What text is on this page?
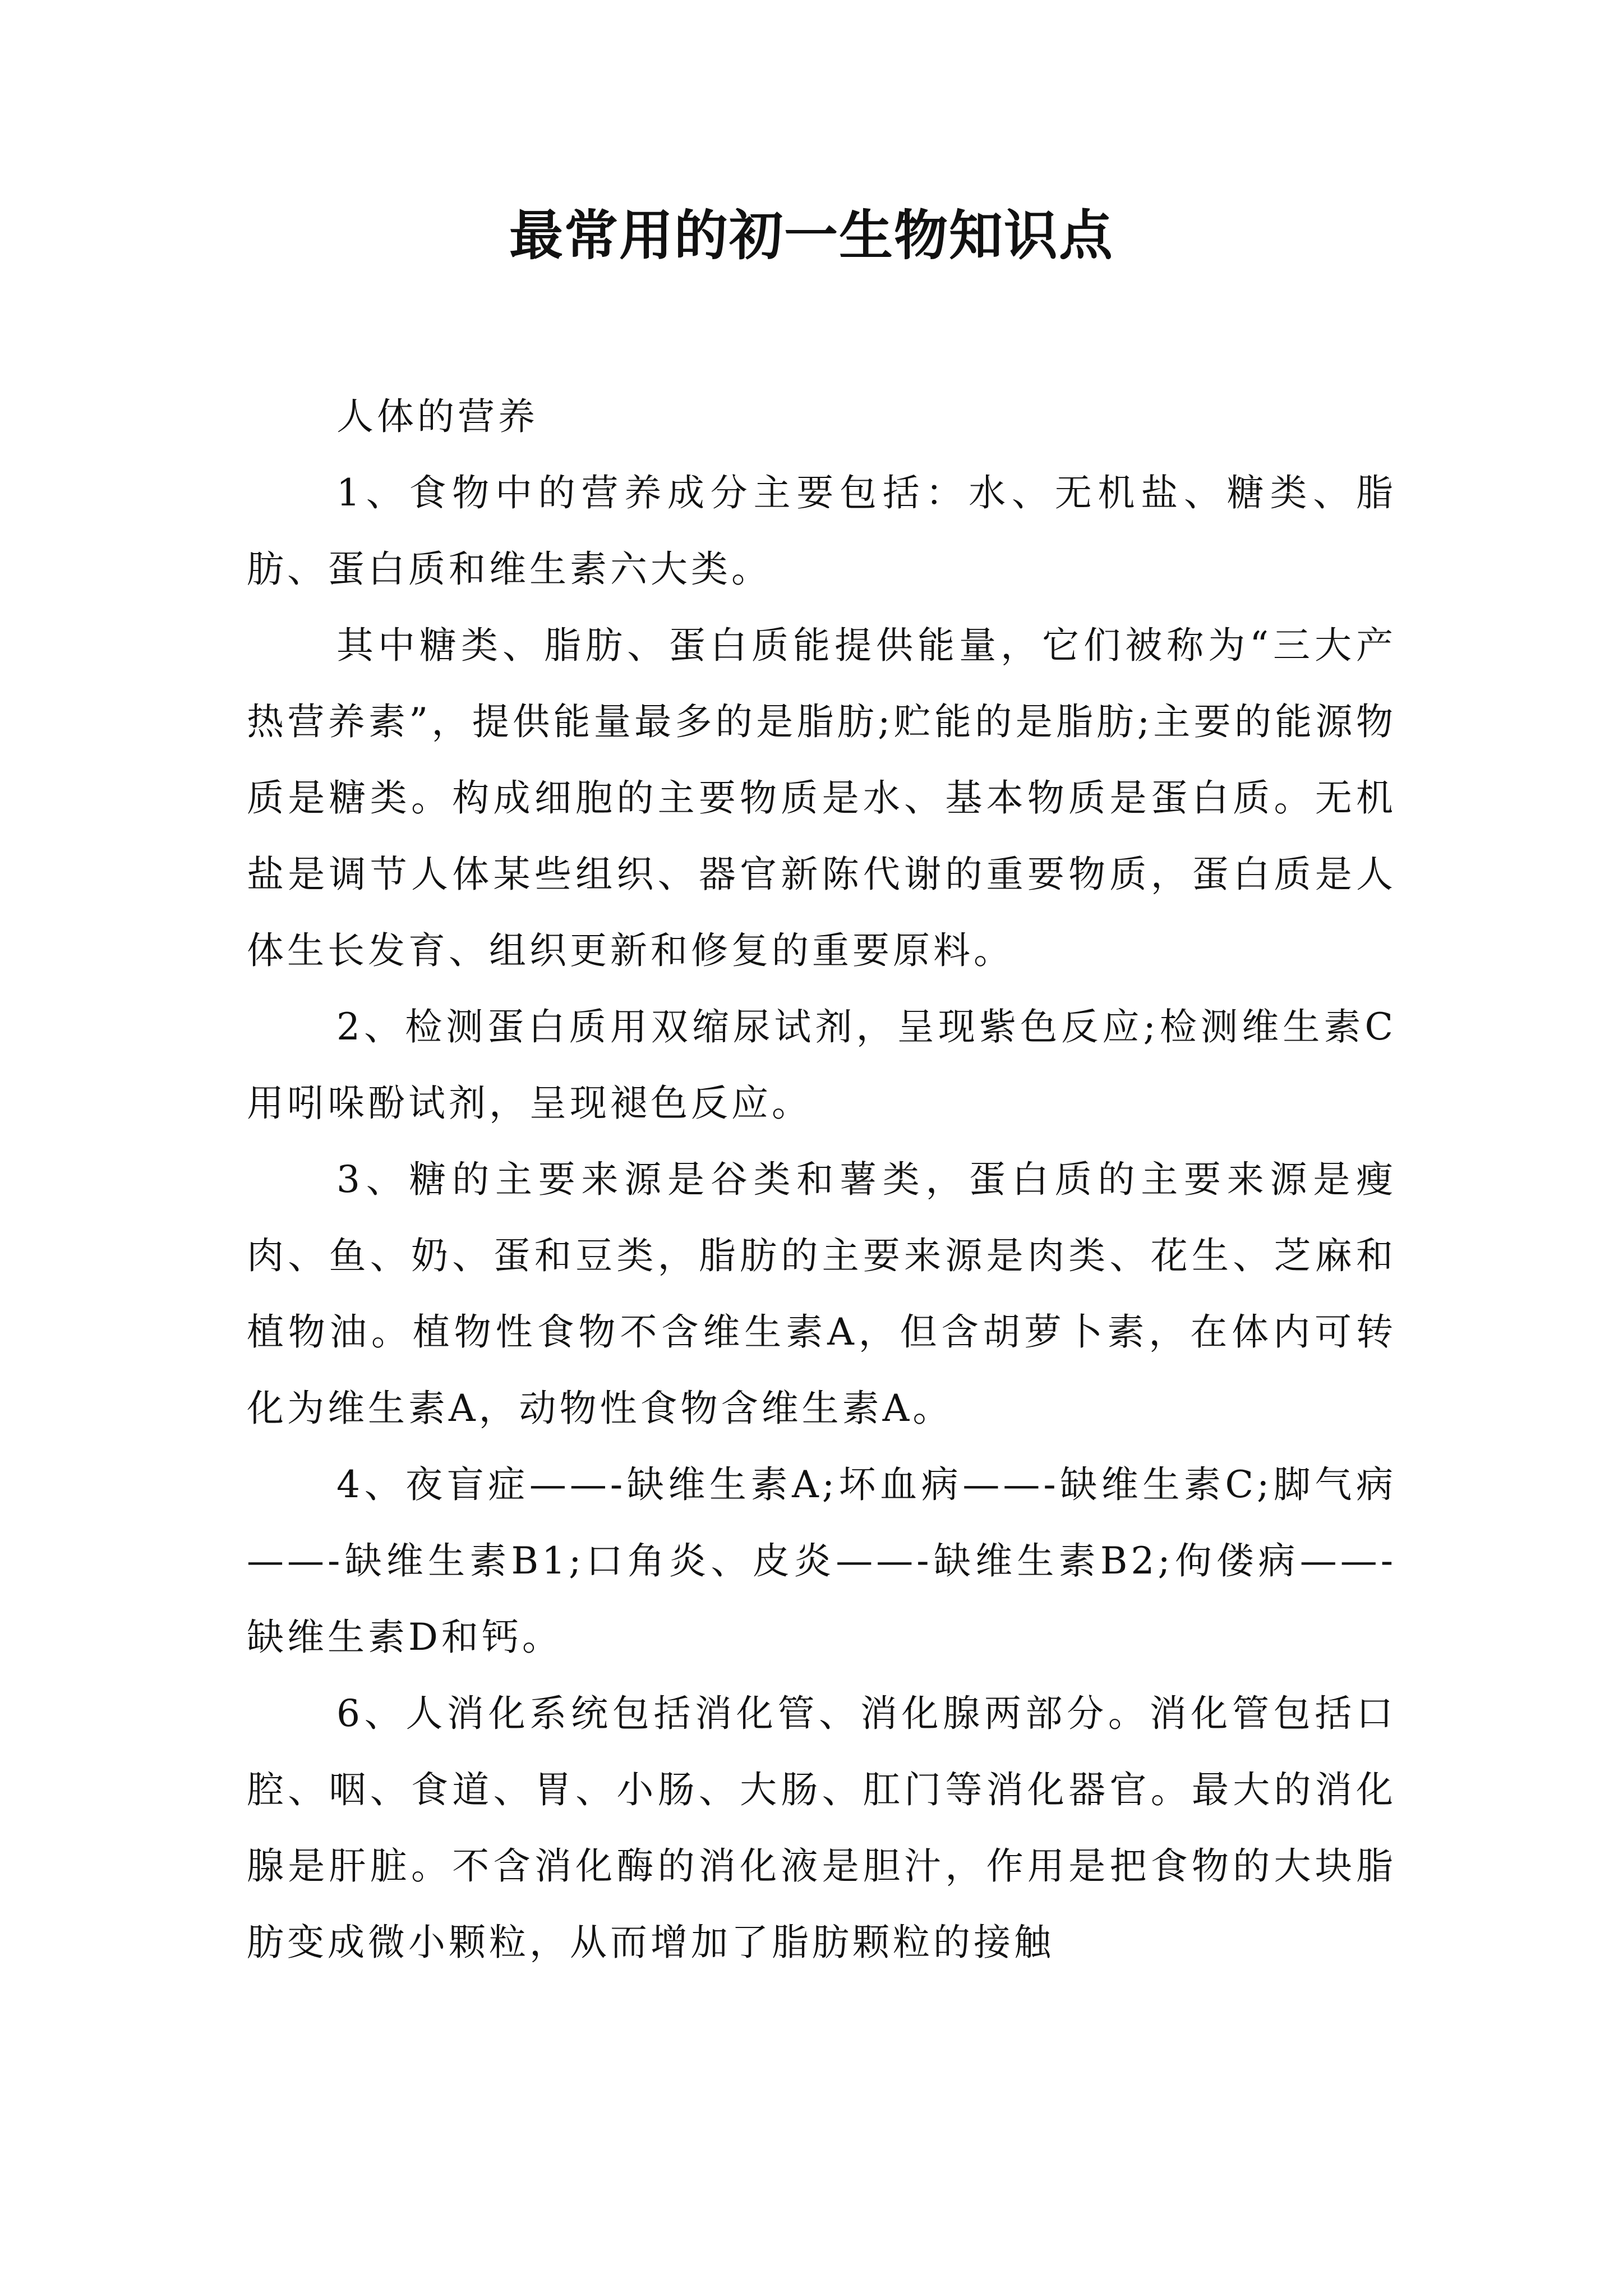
最常用的初一生物知识点

人体的营养

1、食物中的营养成分主要包括：水、无机盐、糖类、脂肪、蛋白质和维生素六大类。

其中糖类、脂肪、蛋白质能提供能量，它们被称为“三大产热营养素”，提供能量最多的是脂肪;贮能的是脂肪;主要的能源物质是糖类。构成细胞的主要物质是水、基本物质是蛋白质。无机盐是调节人体某些组织、器官新陈代谢的重要物质，蛋白质是人体生长发育、组织更新和修复的重要原料。

2、检测蛋白质用双缩尿试剂，呈现紫色反应;检测维生素C用吲哚酚试剂，呈现褪色反应。

3、糖的主要来源是谷类和薯类，蛋白质的主要来源是瘦肉、鱼、奶、蛋和豆类，脂肪的主要来源是肉类、花生、芝麻和植物油。植物性食物不含维生素A，但含胡萝卜素，在体内可转化为维生素A，动物性食物含维生素A。

4、夜盲症——-缺维生素A;坏血病——-缺维生素C;脚气病——-缺维生素B1;口角炎、皮炎——-缺维生素B2;佝偻病——-缺维生素D和钙。

6、人消化系统包括消化管、消化腺两部分。消化管包括口腔、咽、食道、胃、小肠、大肠、肛门等消化器官。最大的消化腺是肝脏。不含消化酶的消化液是胆汁，作用是把食物的大块脂肪变成微小颗粒，从而增加了脂肪颗粒的接触
